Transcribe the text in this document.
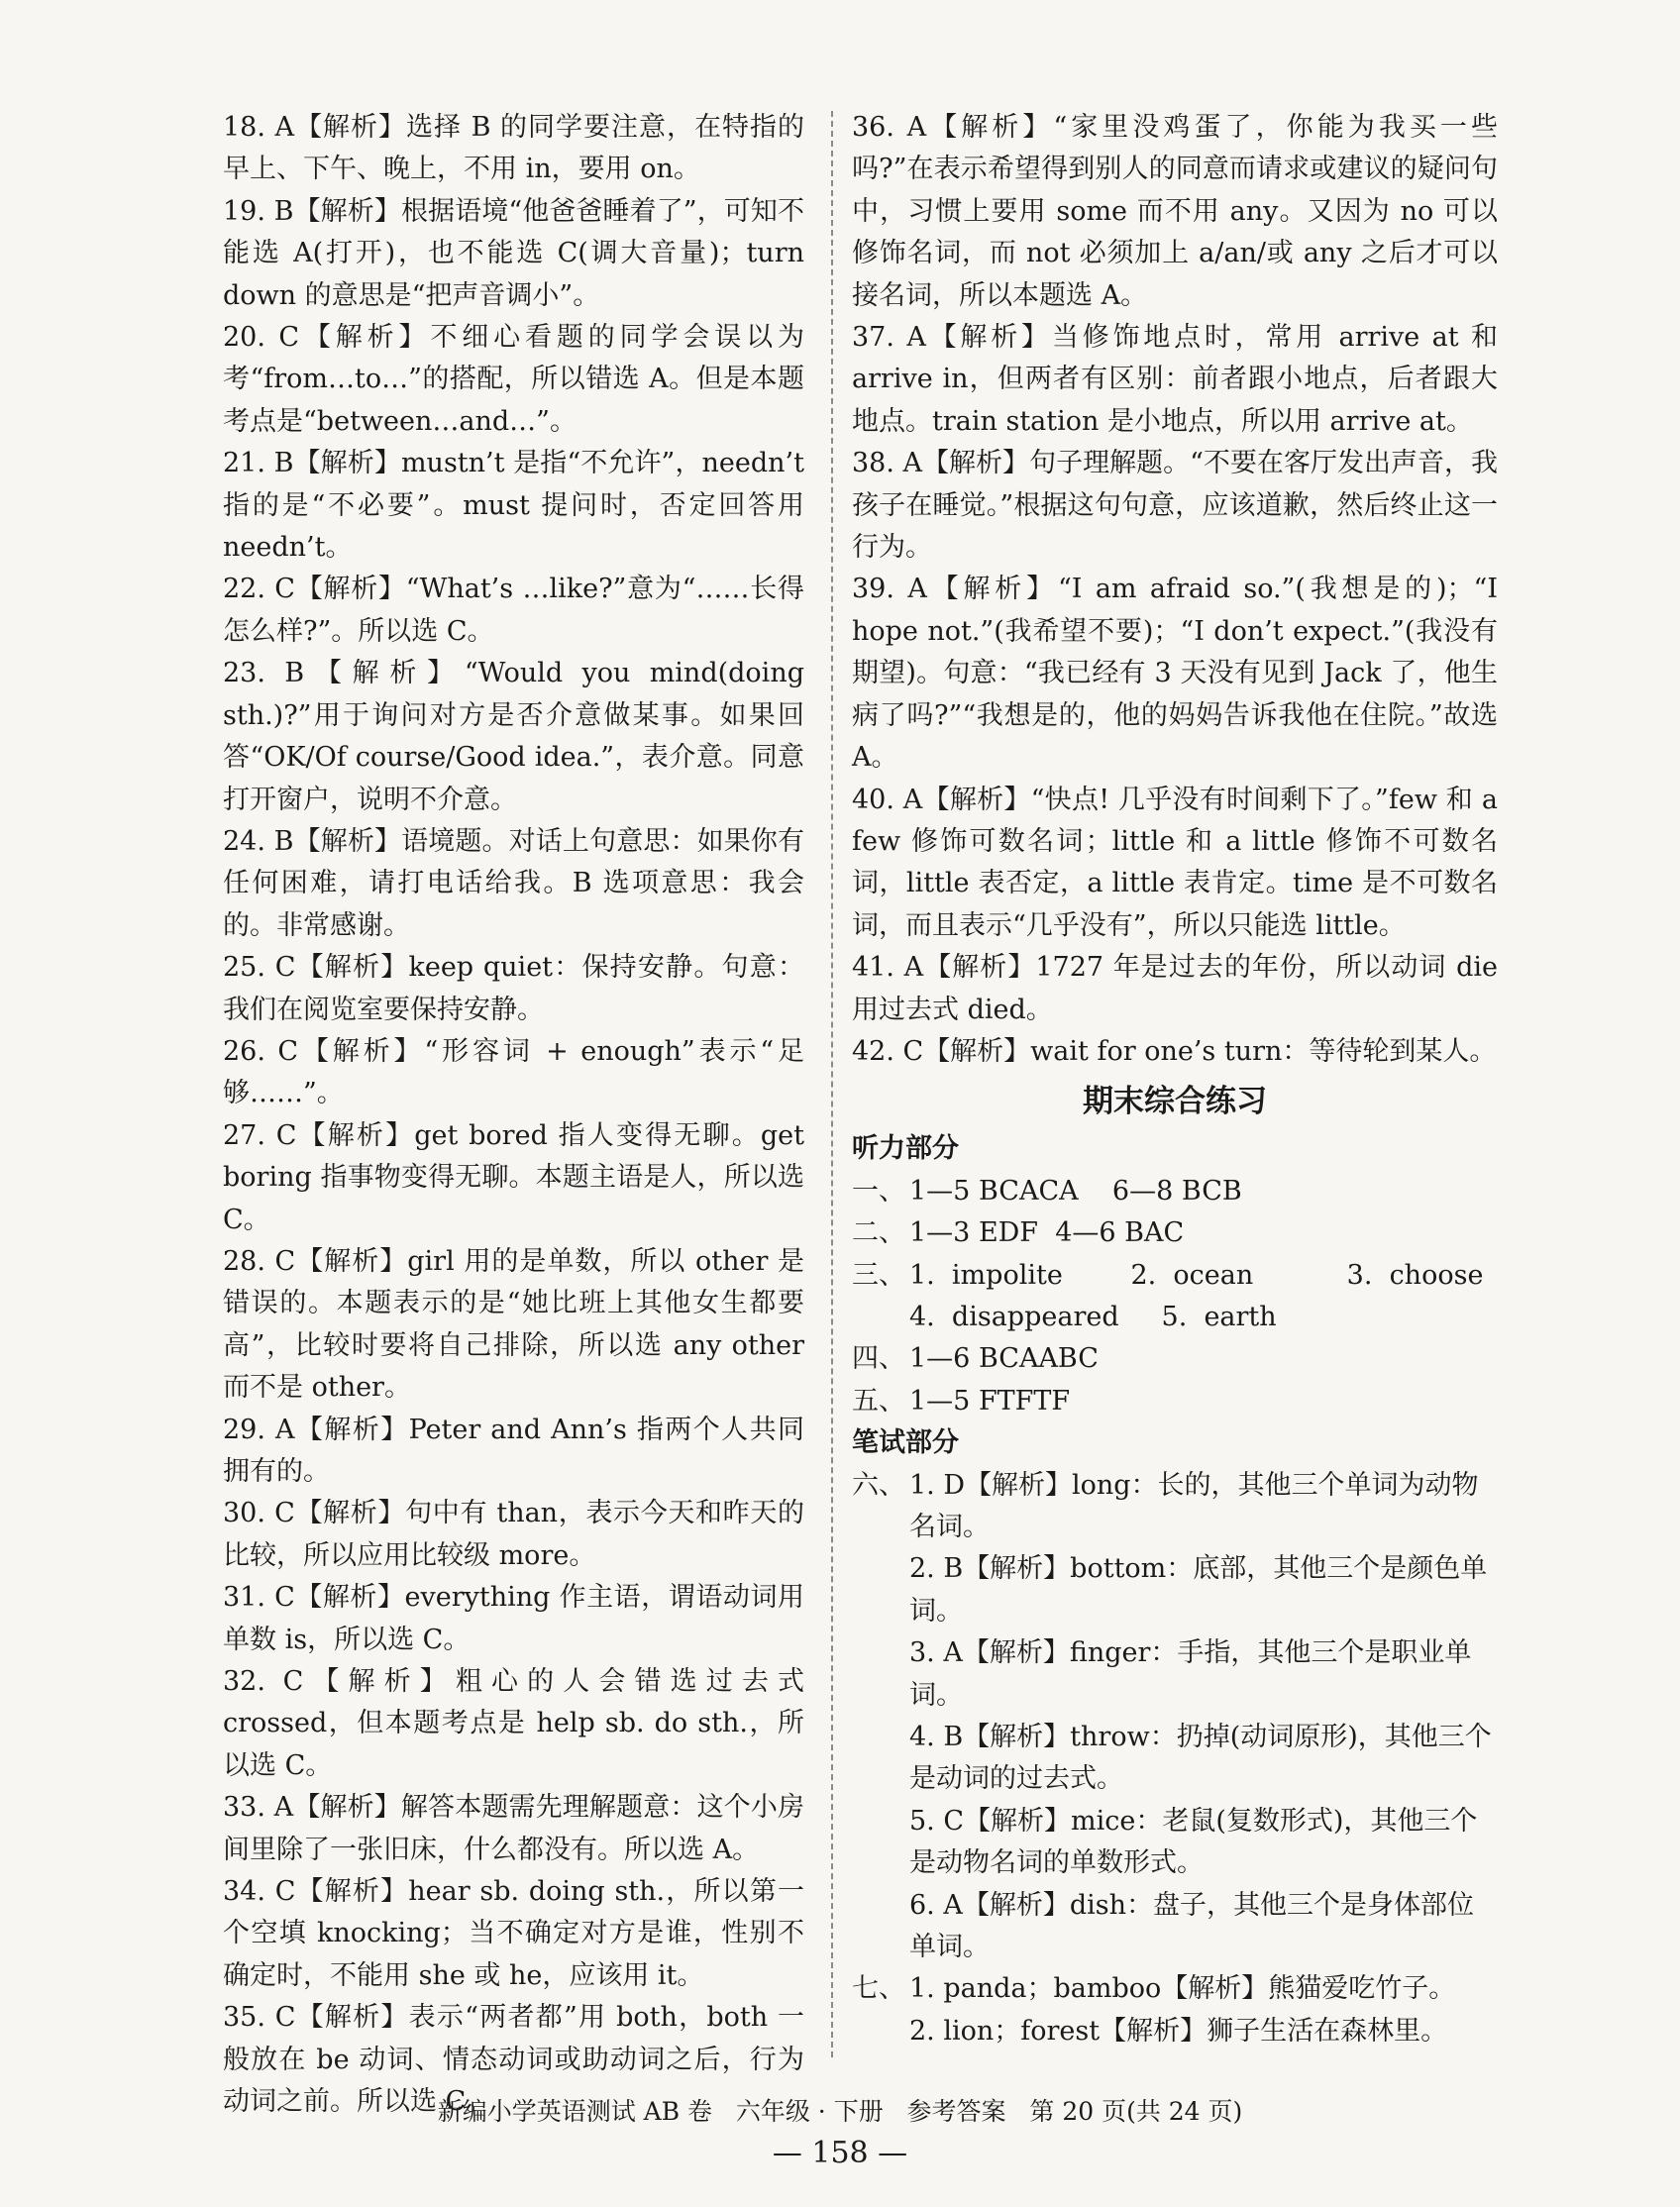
18. A【解析】选择 B 的同学要注意，在特指的早上、下午、晚上，不用 in，要用 on。

19. B【解析】根据语境“他爸爸睡着了”，可知不能选 A(打开)，也不能选 C(调大音量)；turn down 的意思是“把声音调小”。

20. C【解析】不细心看题的同学会误以为考“from…to…”的搭配，所以错选 A。但是本题考点是“between…and…”。

21. B【解析】mustn’t 是指“不允许”，needn’t 指的是“不必要”。must 提问时，否定回答用 needn’t。

22. C【解析】“What’s …like?”意为“……长得怎么样?”。所以选 C。

23. B【解析】“Would you mind(doing sth.)?”用于询问对方是否介意做某事。如果回答“OK/Of course/Good idea.”，表介意。同意打开窗户，说明不介意。

24. B【解析】语境题。对话上句意思：如果你有任何困难，请打电话给我。B 选项意思：我会的。非常感谢。

25. C【解析】keep quiet：保持安静。句意：我们在阅览室要保持安静。

26. C【解析】“形容词 + enough”表示“足够……”。

27. C【解析】get bored 指人变得无聊。get boring 指事物变得无聊。本题主语是人，所以选 C。

28. C【解析】girl 用的是单数，所以 other 是错误的。本题表示的是“她比班上其他女生都要高”，比较时要将自己排除，所以选 any other 而不是 other。

29. A【解析】Peter and Ann’s 指两个人共同拥有的。

30. C【解析】句中有 than，表示今天和昨天的比较，所以应用比较级 more。

31. C【解析】everything 作主语，谓语动词用单数 is，所以选 C。

32. C【解析】粗心的人会错选过去式 crossed，但本题考点是 help sb. do sth.，所以选 C。

33. A【解析】解答本题需先理解题意：这个小房间里除了一张旧床，什么都没有。所以选 A。

34. C【解析】hear sb. doing sth.，所以第一个空填 knocking；当不确定对方是谁，性别不确定时，不能用 she 或 he，应该用 it。

35. C【解析】表示“两者都”用 both，both 一般放在 be 动词、情态动词或助动词之后，行为动词之前。所以选 C。

36. A【解析】“家里没鸡蛋了，你能为我买一些吗?”在表示希望得到别人的同意而请求或建议的疑问句中，习惯上要用 some 而不用 any。又因为 no 可以修饰名词，而 not 必须加上 a/an/或 any 之后才可以接名词，所以本题选 A。

37. A【解析】当修饰地点时，常用 arrive at 和 arrive in，但两者有区别：前者跟小地点，后者跟大地点。train station 是小地点，所以用 arrive at。

38. A【解析】句子理解题。“不要在客厅发出声音，我孩子在睡觉。”根据这句句意，应该道歉，然后终止这一行为。

39. A【解析】“I am afraid so.”(我想是的)；“I hope not.”(我希望不要)；“I don’t expect.”(我没有期望)。句意：“我已经有 3 天没有见到 Jack 了，他生病了吗?”“我想是的，他的妈妈告诉我他在住院。”故选 A。

40. A【解析】“快点! 几乎没有时间剩下了。”few 和 a few 修饰可数名词；little 和 a little 修饰不可数名词，little 表否定，a little 表肯定。time 是不可数名词，而且表示“几乎没有”，所以只能选 little。

41. A【解析】1727 年是过去的年份，所以动词 die 用过去式 died。

42. C【解析】wait for one’s turn：等待轮到某人。

期末综合练习
听力部分
一、 1—5 BCACA    6—8 BCB
二、 1—3 EDF  4—6 BAC
三、 1.  impolite        2.  ocean           3.  choose
4.  disappeared     5.  earth
四、 1—6 BCAABC
五、 1—5 FTFTF
笔试部分
六、 1. D【解析】long：长的，其他三个单词为动物名词。
2. B【解析】bottom：底部，其他三个是颜色单词。
3. A【解析】finger：手指，其他三个是职业单词。
4. B【解析】throw：扔掉(动词原形)，其他三个是动词的过去式。
5. C【解析】mice：老鼠(复数形式)，其他三个是动物名词的单数形式。
6. A【解析】dish：盘子，其他三个是身体部位单词。
七、 1. panda；bamboo【解析】熊猫爱吃竹子。
2. lion；forest【解析】狮子生活在森林里。
新编小学英语测试 AB 卷   六年级 · 下册   参考答案   第 20 页(共 24 页)
— 158 —
